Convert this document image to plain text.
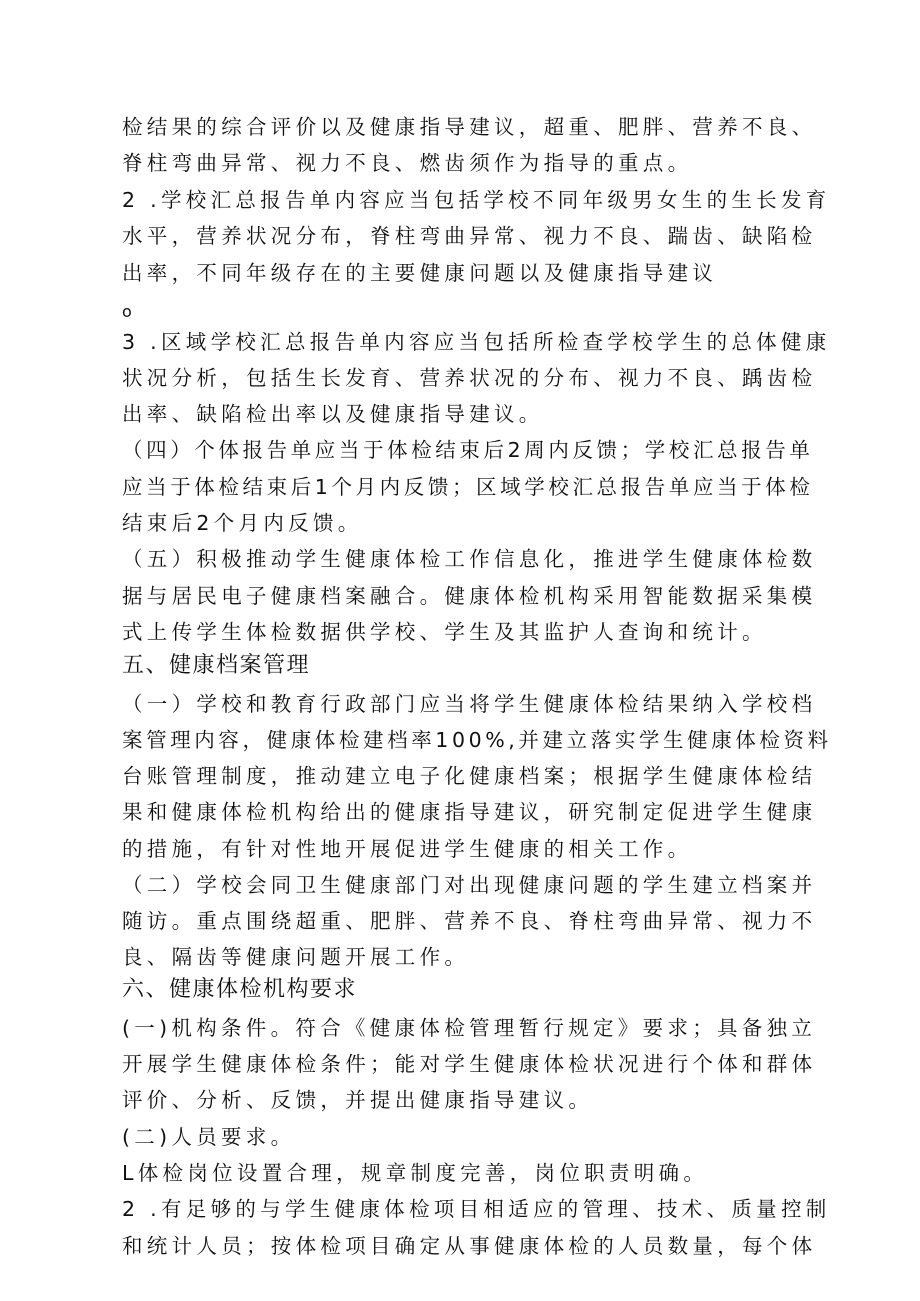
检结果的综合评价以及健康指导建议，超重、肥胖、营养不良、
脊柱弯曲异常、视力不良、燃齿须作为指导的重点。
2 .学校汇总报告单内容应当包括学校不同年级男女生的生长发育
水平，营养状况分布，脊柱弯曲异常、视力不良、踹齿、缺陷检
出率，不同年级存在的主要健康问题以及健康指导建议
o
3 .区域学校汇总报告单内容应当包括所检查学校学生的总体健康
状况分析，包括生长发育、营养状况的分布、视力不良、踽齿检
出率、缺陷检出率以及健康指导建议。
（四）个体报告单应当于体检结束后2周内反馈；学校汇总报告单
应当于体检结束后1个月内反馈；区域学校汇总报告单应当于体检
结束后2个月内反馈。
（五）积极推动学生健康体检工作信息化，推进学生健康体检数
据与居民电子健康档案融合。健康体检机构采用智能数据采集模
式上传学生体检数据供学校、学生及其监护人查询和统计。
五、健康档案管理
（一）学校和教育行政部门应当将学生健康体检结果纳入学校档
案管理内容，健康体检建档率100%,并建立落实学生健康体检资料
台账管理制度，推动建立电子化健康档案；根据学生健康体检结
果和健康体检机构给出的健康指导建议，研究制定促进学生健康
的措施，有针对性地开展促进学生健康的相关工作。
（二）学校会同卫生健康部门对出现健康问题的学生建立档案并
随访。重点围绕超重、肥胖、营养不良、脊柱弯曲异常、视力不
良、隔齿等健康问题开展工作。
六、健康体检机构要求
(一)机构条件。符合《健康体检管理暂行规定》要求；具备独立
开展学生健康体检条件；能对学生健康体检状况进行个体和群体
评价、分析、反馈，并提出健康指导建议。
(二)人员要求。
L体检岗位设置合理，规章制度完善，岗位职责明确。
2 .有足够的与学生健康体检项目相适应的管理、技术、质量控制
和统计人员；按体检项目确定从事健康体检的人员数量，每个体
